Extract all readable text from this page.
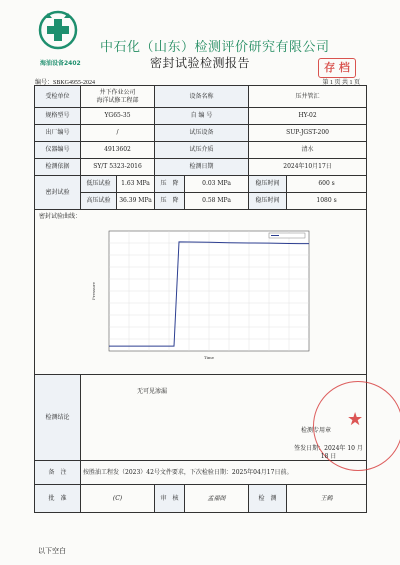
海油设备2402
中石化（山东）检测评价研究有限公司
密封试验检测报告	存 档
编号：SBKG4955-2024	第 1 页 共 1 页
受检单位	井下作业公司
海洋试修工程部		设备名称		压井管汇	
规格型号	YG65-35		自 编 号		HY-02	
出厂编号	/		试压设备		SUP-JGST-200	
仪器编号	4913602		试压介质		清水	
检测依据	SY/T 5323-2016		检测日期		2024年10月17日	
密封试验	低压试验	1.63 MPa	压　降	0.03 MPa	稳压时间	600 s
	高压试验	36.39 MPa	压　降	0.58 MPa	稳压时间	1080 s

密封试验曲线：
Pressure
Time						

检测结论	★
无可见渗漏
检测专用章
签发日期：2024年 10 月 18 日					

备　注	按胜油工程发（2023）42号文件要求，下次检验日期：2025年04月17日前。					
批　准	(C)		审　核	孟福阁	检　测	王鹤
以下空白
